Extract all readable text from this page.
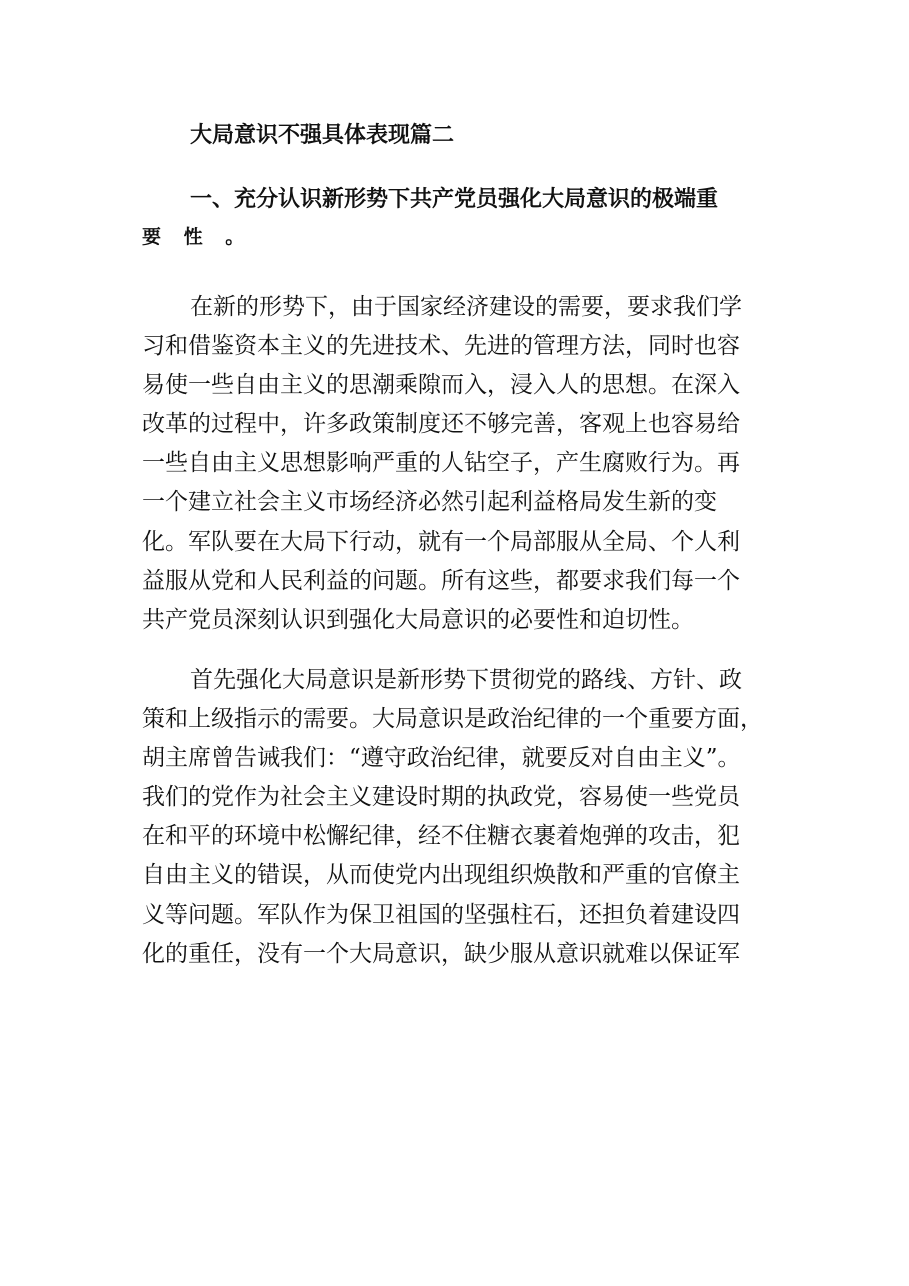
大局意识不强具体表现篇二
一、充分认识新形势下共产党员强化大局意识的极端重
要 性 。
在新的形势下，由于国家经济建设的需要，要求我们学
习和借鉴资本主义的先进技术、先进的管理方法，同时也容
易使一些自由主义的思潮乘隙而入，浸入人的思想。在深入
改革的过程中，许多政策制度还不够完善，客观上也容易给
一些自由主义思想影响严重的人钻空子，产生腐败行为。再
一个建立社会主义市场经济必然引起利益格局发生新的变
化。军队要在大局下行动，就有一个局部服从全局、个人利
益服从党和人民利益的问题。所有这些，都要求我们每一个
共产党员深刻认识到强化大局意识的必要性和迫切性。
首先强化大局意识是新形势下贯彻党的路线、方针、政
策和上级指示的需要。大局意识是政治纪律的一个重要方面，
胡主席曾告诫我们：“遵守政治纪律，就要反对自由主义”。
我们的党作为社会主义建设时期的执政党，容易使一些党员
在和平的环境中松懈纪律，经不住糖衣裹着炮弹的攻击，犯
自由主义的错误，从而使党内出现组织焕散和严重的官僚主
义等问题。军队作为保卫祖国的坚强柱石，还担负着建设四
化的重任，没有一个大局意识，缺少服从意识就难以保证军
